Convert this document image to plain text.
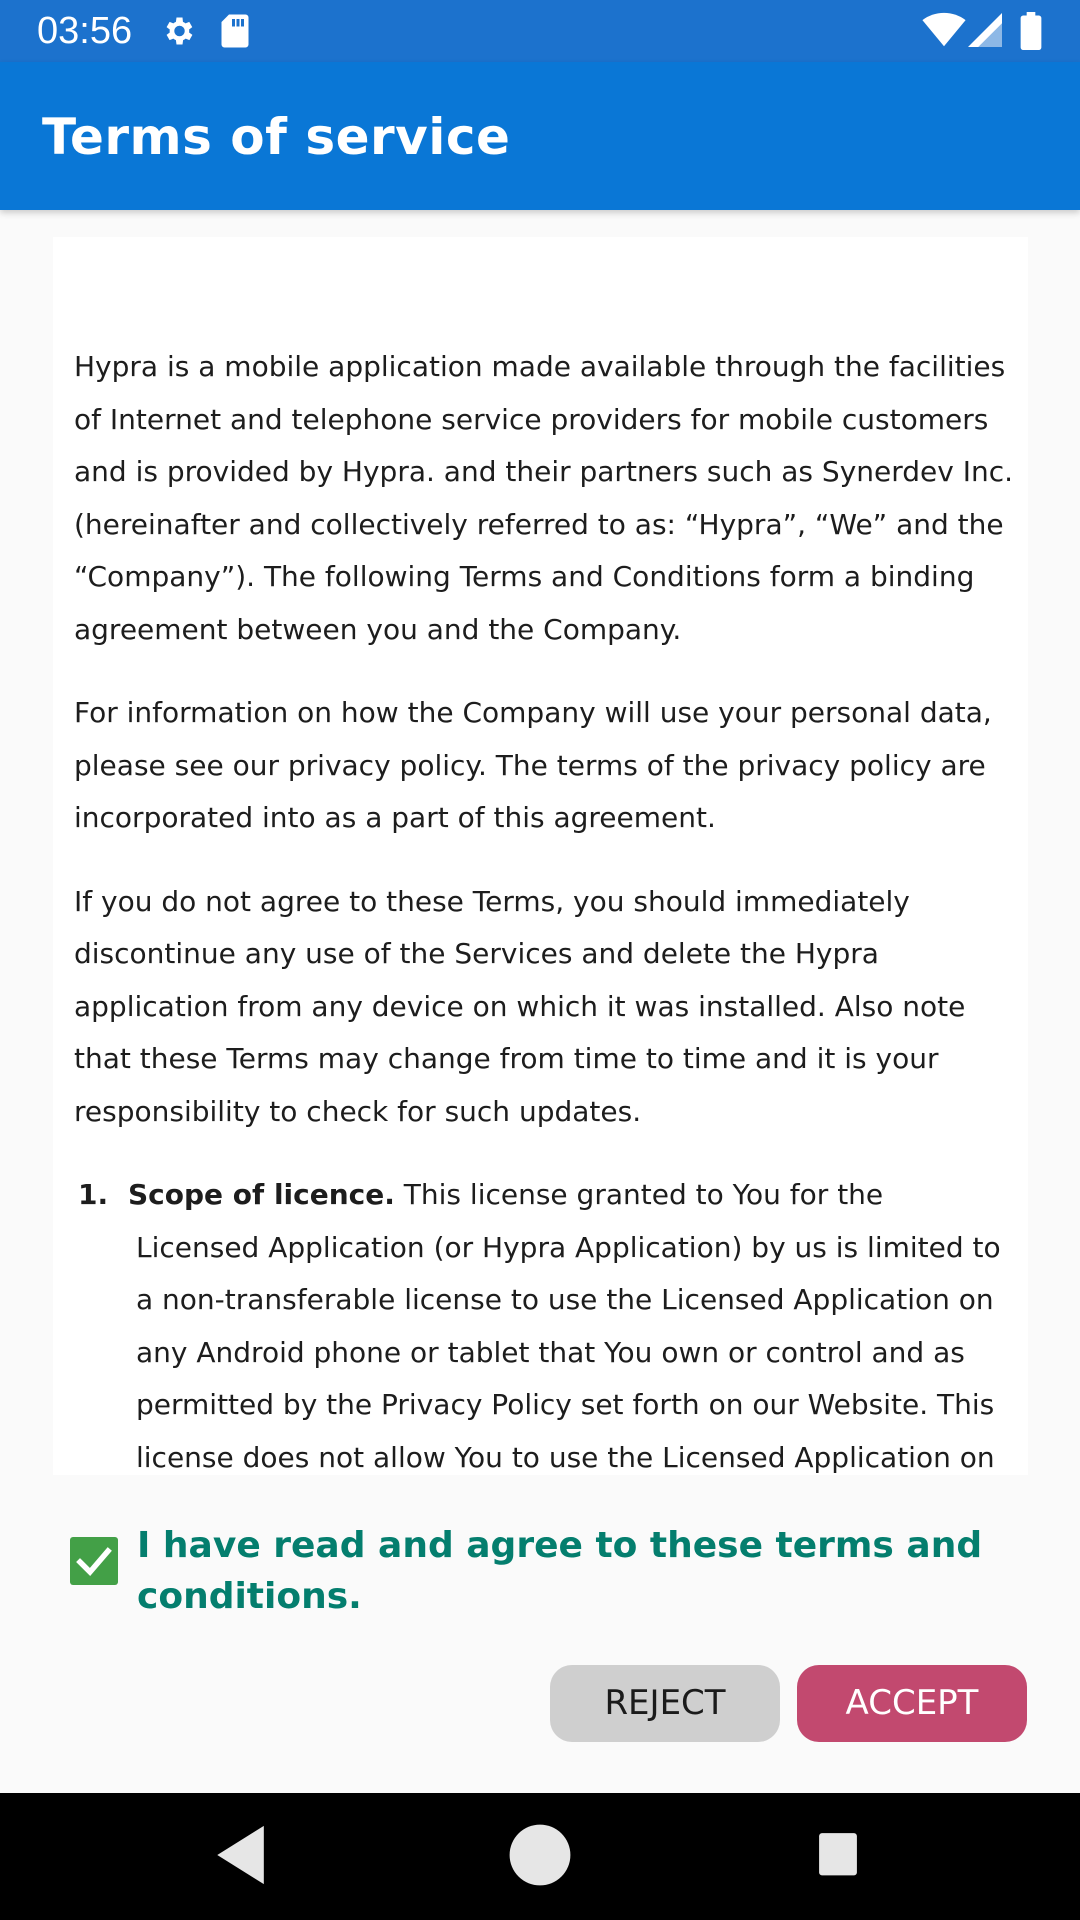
03:56
Terms of service

Hypra is a mobile application made available through the facilities of Internet and telephone service providers for mobile customers and is provided by Hypra. and their partners such as Synerdev Inc. (hereinafter and collectively referred to as: “Hypra”, “We” and the “Company”). The following Terms and Conditions form a binding agreement between you and the Company.

For information on how the Company will use your personal data, please see our privacy policy. The terms of the privacy policy are incorporated into as a part of this agreement.

If you do not agree to these Terms, you should immediately discontinue any use of the Services and delete the Hypra application from any device on which it was installed. Also note that these Terms may change from time to time and it is your responsibility to check for such updates.

1. Scope of licence. This license granted to You for the Licensed Application (or Hypra Application) by us is limited to a non-transferable license to use the Licensed Application on any Android phone or tablet that You own or control and as permitted by the Privacy Policy set forth on our Website. This license does not allow You to use the Licensed Application on
I have read and agree to these terms and conditions.
REJECT	ACCEPT
